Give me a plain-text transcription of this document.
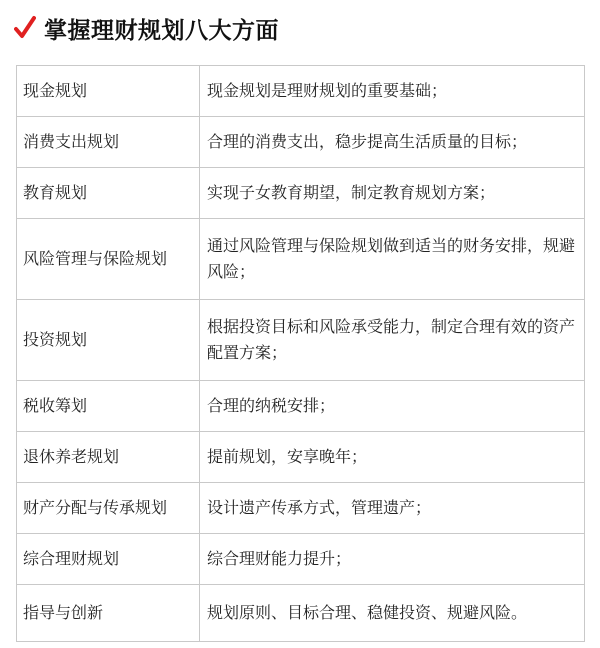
掌握理财规划八大方面
现金规划	现金规划是理财规划的重要基础；
消费支出规划	合理的消费支出，稳步提高生活质量的目标；
教育规划	实现子女教育期望，制定教育规划方案；
风险管理与保险规划	通过风险管理与保险规划做到适当的财务安排，规避风险；
投资规划	根据投资目标和风险承受能力，制定合理有效的资产配置方案；
税收筹划	合理的纳税安排；
退休养老规划	提前规划，安享晚年；
财产分配与传承规划	设计遗产传承方式，管理遗产；
综合理财规划	综合理财能力提升；
指导与创新	规划原则、目标合理、稳健投资、规避风险。
